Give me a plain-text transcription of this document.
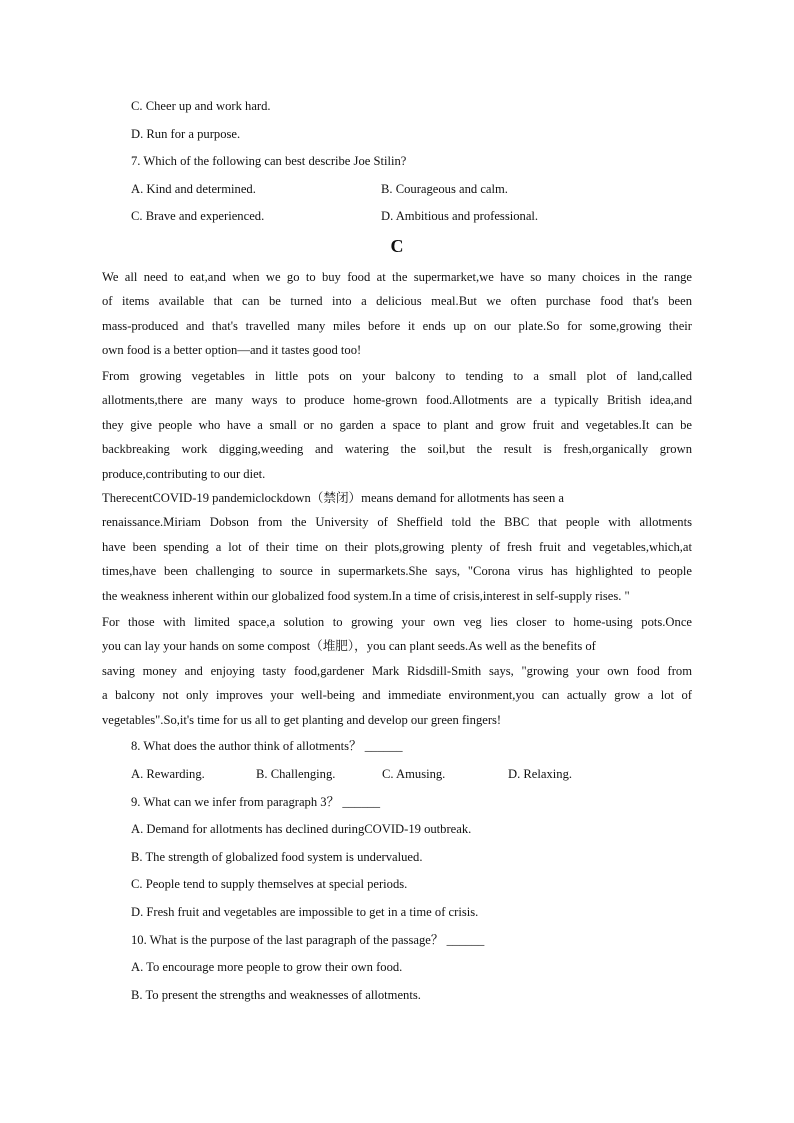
C. Cheer up and work hard.
D. Run for a purpose.
7. Which of the following can best describe Joe Stilin?
A. Kind and determined.	B. Courageous and calm.
C. Brave and experienced.	D. Ambitious and professional.
C
We all need to eat,and when we go to buy food at the supermarket,we have so many choices in the range
of items available that can be turned into a delicious meal.But we often purchase food that's been
mass-produced and that's travelled many miles before it ends up on our plate.So for some,growing their
own food is a better option—and it tastes good too!
From growing vegetables in little pots on your balcony to tending to a small plot of land,called
allotments,there are many ways to produce home-grown food.Allotments are a typically British idea,and
they give people who have a small or no garden a space to plant and grow fruit and vegetables.It can be
backbreaking work digging,weeding and watering the soil,but the result is fresh,organically grown
produce,contributing to our diet.
TherecentCOVID-19 pandemiclockdown（禁闭）means demand for allotments has seen a
renaissance.Miriam Dobson from the University of Sheffield told the BBC that people with allotments
have been spending a lot of their time on their plots,growing plenty of fresh fruit and vegetables,which,at
times,have been challenging to source in supermarkets.She says, "Corona virus has highlighted to people
the weakness inherent within our globalized food system.In a time of crisis,interest in self-supply rises. "
For those with limited space,a solution to growing your own veg lies closer to home-using pots.Once
you can lay your hands on some compost（堆肥），you can plant seeds.As well as the benefits of
saving money and enjoying tasty food,gardener Mark Ridsdill-Smith says, "growing your own food from
a balcony not only improves your well-being and immediate environment,you can actually grow a lot of
vegetables".So,it's time for us all to get planting and develop our green fingers!
8. What does the author think of allotments？ ______
A. Rewarding.	B. Challenging.	C. Amusing.	D. Relaxing.
9. What can we infer from paragraph 3？ ______
A. Demand for allotments has declined duringCOVID-19 outbreak.
B. The strength of globalized food system is undervalued.
C. People tend to supply themselves at special periods.
D. Fresh fruit and vegetables are impossible to get in a time of crisis.
10. What is the purpose of the last paragraph of the passage？ ______
A. To encourage more people to grow their own food.
B. To present the strengths and weaknesses of allotments.
